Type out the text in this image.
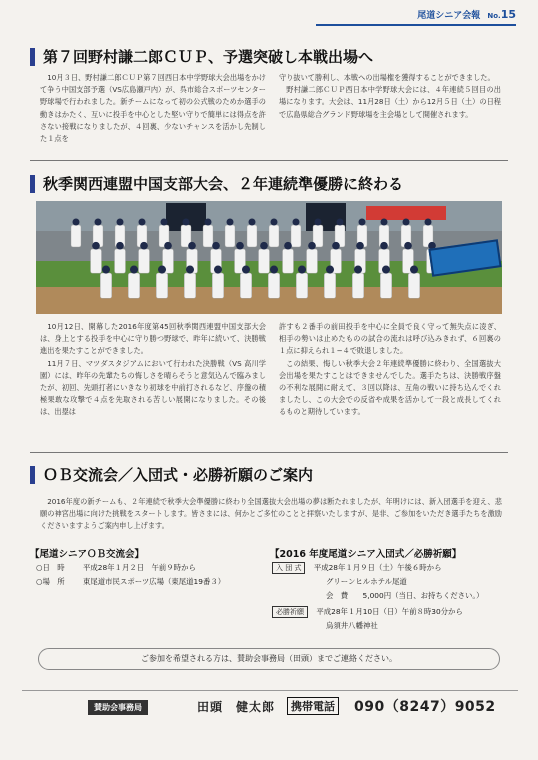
尾道シニア会報 No.15
第７回野村謙二郎ＣＵＰ、予選突破し本戦出場へ

10月３日、野村謙二郎ＣＵＰ第７回西日本中学野球大会出場をかけて争う中国支部予選（VS広島瀬戸内）が、呉市総合スポーツセンター野球場で行われました。新チームになって初の公式戦のためか選手の動きはかたく、互いに投手を中心とした堅い守りで簡単には得点を許さない接戦になりましたが、４回裏、少ないチャンスを活かし先制した１点を

守り抜いて勝利し、本戦への出場権を獲得することができました。

野村謙二郎ＣＵＰ西日本中学野球大会には、４年連続５回目の出場になります。大会は、11月28日（土）から12月５日（土）の日程で広島県総合グランド野球場を主会場として開催されます。

秋季関西連盟中国支部大会、２年連続準優勝に終わる

10月12日、開幕した2016年度第45回秋季関西連盟中国支部大会は、身上とする投手を中心に守り勝つ野球で、昨年に続いて、決勝戦進出を果たすことができました。

11月７日、マツダスタジアムにおいて行われた決勝戦（VS 高川学園）には、昨年の先輩たちの悔しさを晴らそうと意気込んで臨みましたが、初回、先頭打者にいきなり初球を中前打されるなど、序盤の積極果敢な攻撃で４点を先取される苦しい展開になりました。その後は、出塁は

許すも２番手の前田投手を中心に全員で良く守って無失点に凌ぎ、相手の勢いは止めたものの試合の流れは呼び込みきれず、６回裏の１点に抑えられ１−４で敗退しました。

この結果、悔しい秋季大会２年連続準優勝に終わり、全国選抜大会出場を果たすことはできませんでした。選手たちは、決勝戦序盤の不利な展開に耐えて、３回以降は、互角の戦いに持ち込んでくれましたし、この大会での反省や成果を活かして一段と成長してくれるものと期待しています。

ＯＢ交流会／入団式・必勝祈願のご案内

2016年度の新チームも、２年連続で秋季大会準優勝に終わり全国選抜大会出場の夢は断たれましたが、年明けには、新入団選手を迎え、悲願の神宮出場に向けた挑戦をスタートします。皆さまには、何かとご多忙のことと拝察いたしますが、是非、ご参加をいただき選手たちを激励くださいますようご案内申し上げます。

【尾道シニアＯＢ交流会】
○日　時 平成28年１月２日　午前９時から
○場　所 東尾道市民スポーツ広場（東尾道19番３）
【2016 年度尾道シニア入団式／必勝祈願】
入 団 式 平成28年１月９日（土）午後６時から
グリーンヒルホテル尾道
会　費 5,000円（当日、お持ちください。）
必勝祈願 平成28年１月10日（日）午前８時30分から
烏須井八幡神社
ご参加を希望される方は、賛助会事務局（田頭）までご連絡ください。
賛助会事務局	田頭　健太郎	携帯電話 090（8247）9052
